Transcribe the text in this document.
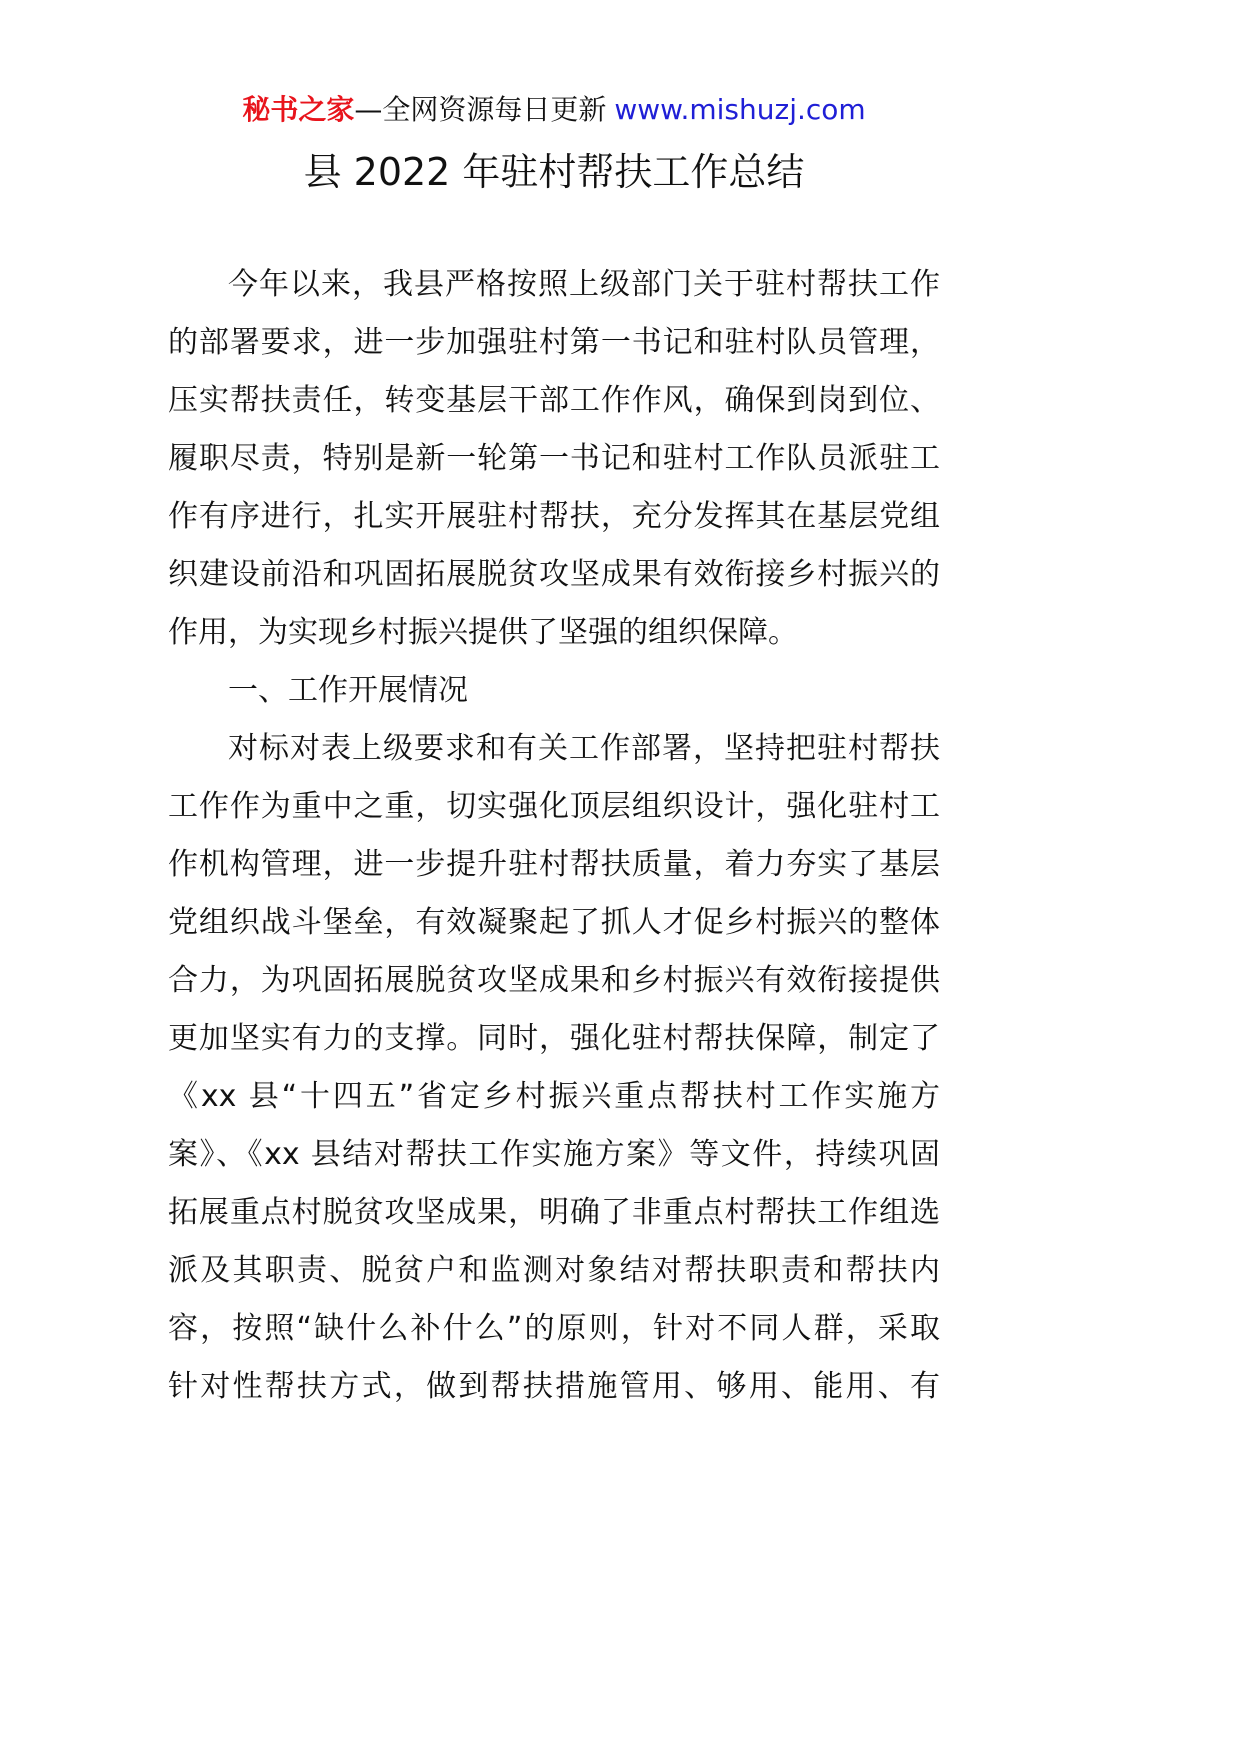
秘书之家—全网资源每日更新 www.mishuzj.com
县 2022 年驻村帮扶工作总结
今年以来，我县严格按照上级部门关于驻村帮扶工作
的部署要求，进一步加强驻村第一书记和驻村队员管理，
压实帮扶责任，转变基层干部工作作风，确保到岗到位、
履职尽责，特别是新一轮第一书记和驻村工作队员派驻工
作有序进行，扎实开展驻村帮扶，充分发挥其在基层党组
织建设前沿和巩固拓展脱贫攻坚成果有效衔接乡村振兴的
作用，为实现乡村振兴提供了坚强的组织保障。
一、工作开展情况
对标对表上级要求和有关工作部署，坚持把驻村帮扶
工作作为重中之重，切实强化顶层组织设计，强化驻村工
作机构管理，进一步提升驻村帮扶质量，着力夯实了基层
党组织战斗堡垒，有效凝聚起了抓人才促乡村振兴的整体
合力，为巩固拓展脱贫攻坚成果和乡村振兴有效衔接提供
更加坚实有力的支撑。同时，强化驻村帮扶保障，制定了
《xx 县“十四五”省定乡村振兴重点帮扶村工作实施方
案》、《xx 县结对帮扶工作实施方案》等文件，持续巩固
拓展重点村脱贫攻坚成果，明确了非重点村帮扶工作组选
派及其职责、脱贫户和监测对象结对帮扶职责和帮扶内
容，按照“缺什么补什么”的原则，针对不同人群，采取
针对性帮扶方式，做到帮扶措施管用、够用、能用、有
